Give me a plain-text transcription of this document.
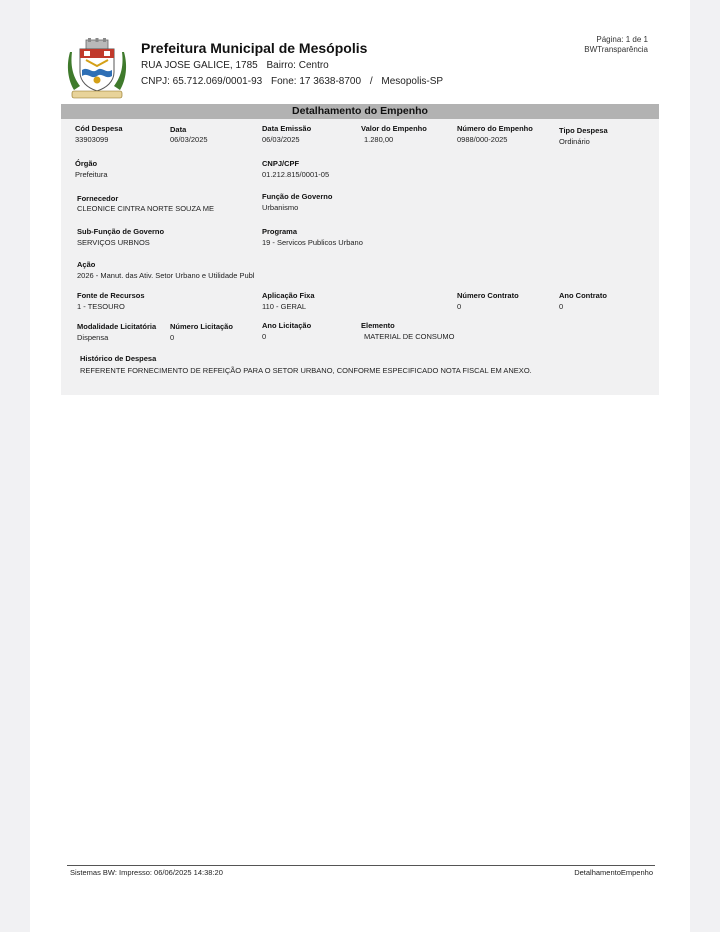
Página: 1 de 1
BWTransparência
Prefeitura Municipal de Mesópolis
RUA JOSE GALICE, 1785 Bairro: Centro
CNPJ: 65.712.069/0001-93 Fone: 17 3638-8700 / Mesopolis-SP
Detalhamento do Empenho
Cód Despesa
33903099
Data
06/03/2025
Data Emissão
06/03/2025
Valor do Empenho
1.280,00
Número do Empenho
0988/000-2025
Tipo Despesa
Ordinário
Órgão
Prefeitura
CNPJ/CPF
01.212.815/0001-05
Fornecedor
CLEONICE CINTRA NORTE SOUZA ME
Função de Governo
Urbanismo
Sub-Função de Governo
SERVIÇOS URBNOS
Programa
19 - Servicos Publicos Urbano
Ação
2026 - Manut. das Ativ. Setor Urbano e Utilidade Publ
Fonte de Recursos
1 - TESOURO
Aplicação Fixa
110 - GERAL
Número Contrato
0
Ano Contrato
0
Modalidade Licitatória
Dispensa
Número Licitação
0
Ano Licitação
0
Elemento
MATERIAL DE CONSUMO
Histórico de Despesa
REFERENTE FORNECIMENTO DE REFEIÇÃO PARA O SETOR URBANO, CONFORME ESPECIFICADO NOTA FISCAL EM ANEXO.
Sistemas BW: Impresso: 06/06/2025 14:38:20	DetalhamentoEmpenho
